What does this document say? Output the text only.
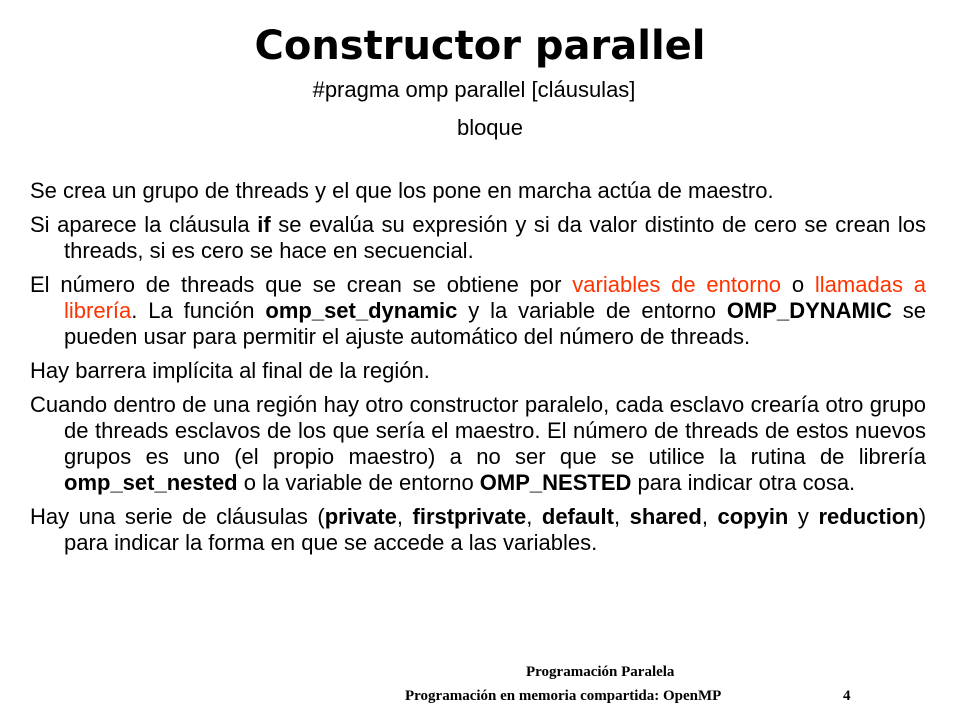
Constructor parallel
#pragma omp parallel [cláusulas]
bloque

Se crea un grupo de threads y el que los pone en marcha actúa de maestro.

Si aparece la cláusula if se evalúa su expresión y si da valor distinto de cero se crean los threads, si es cero se hace en secuencial.

El número de threads que se crean se obtiene por variables de entorno o llamadas a librería. La función omp_set_dynamic y la variable de entorno OMP_DYNAMIC se pueden usar para permitir el ajuste automático del número de threads.

Hay barrera implícita al final de la región.

Cuando dentro de una región hay otro constructor paralelo, cada esclavo crearía otro grupo de threads esclavos de los que sería el maestro. El número de threads de estos nuevos grupos es uno (el propio maestro) a no ser que se utilice la rutina de librería omp_set_nested o la variable de entorno OMP_NESTED para indicar otra cosa.

Hay una serie de cláusulas (private, firstprivate, default, shared, copyin y reduction) para indicar la forma en que se accede a las variables.

Programación Paralela
Programación en memoria compartida: OpenMP	4
